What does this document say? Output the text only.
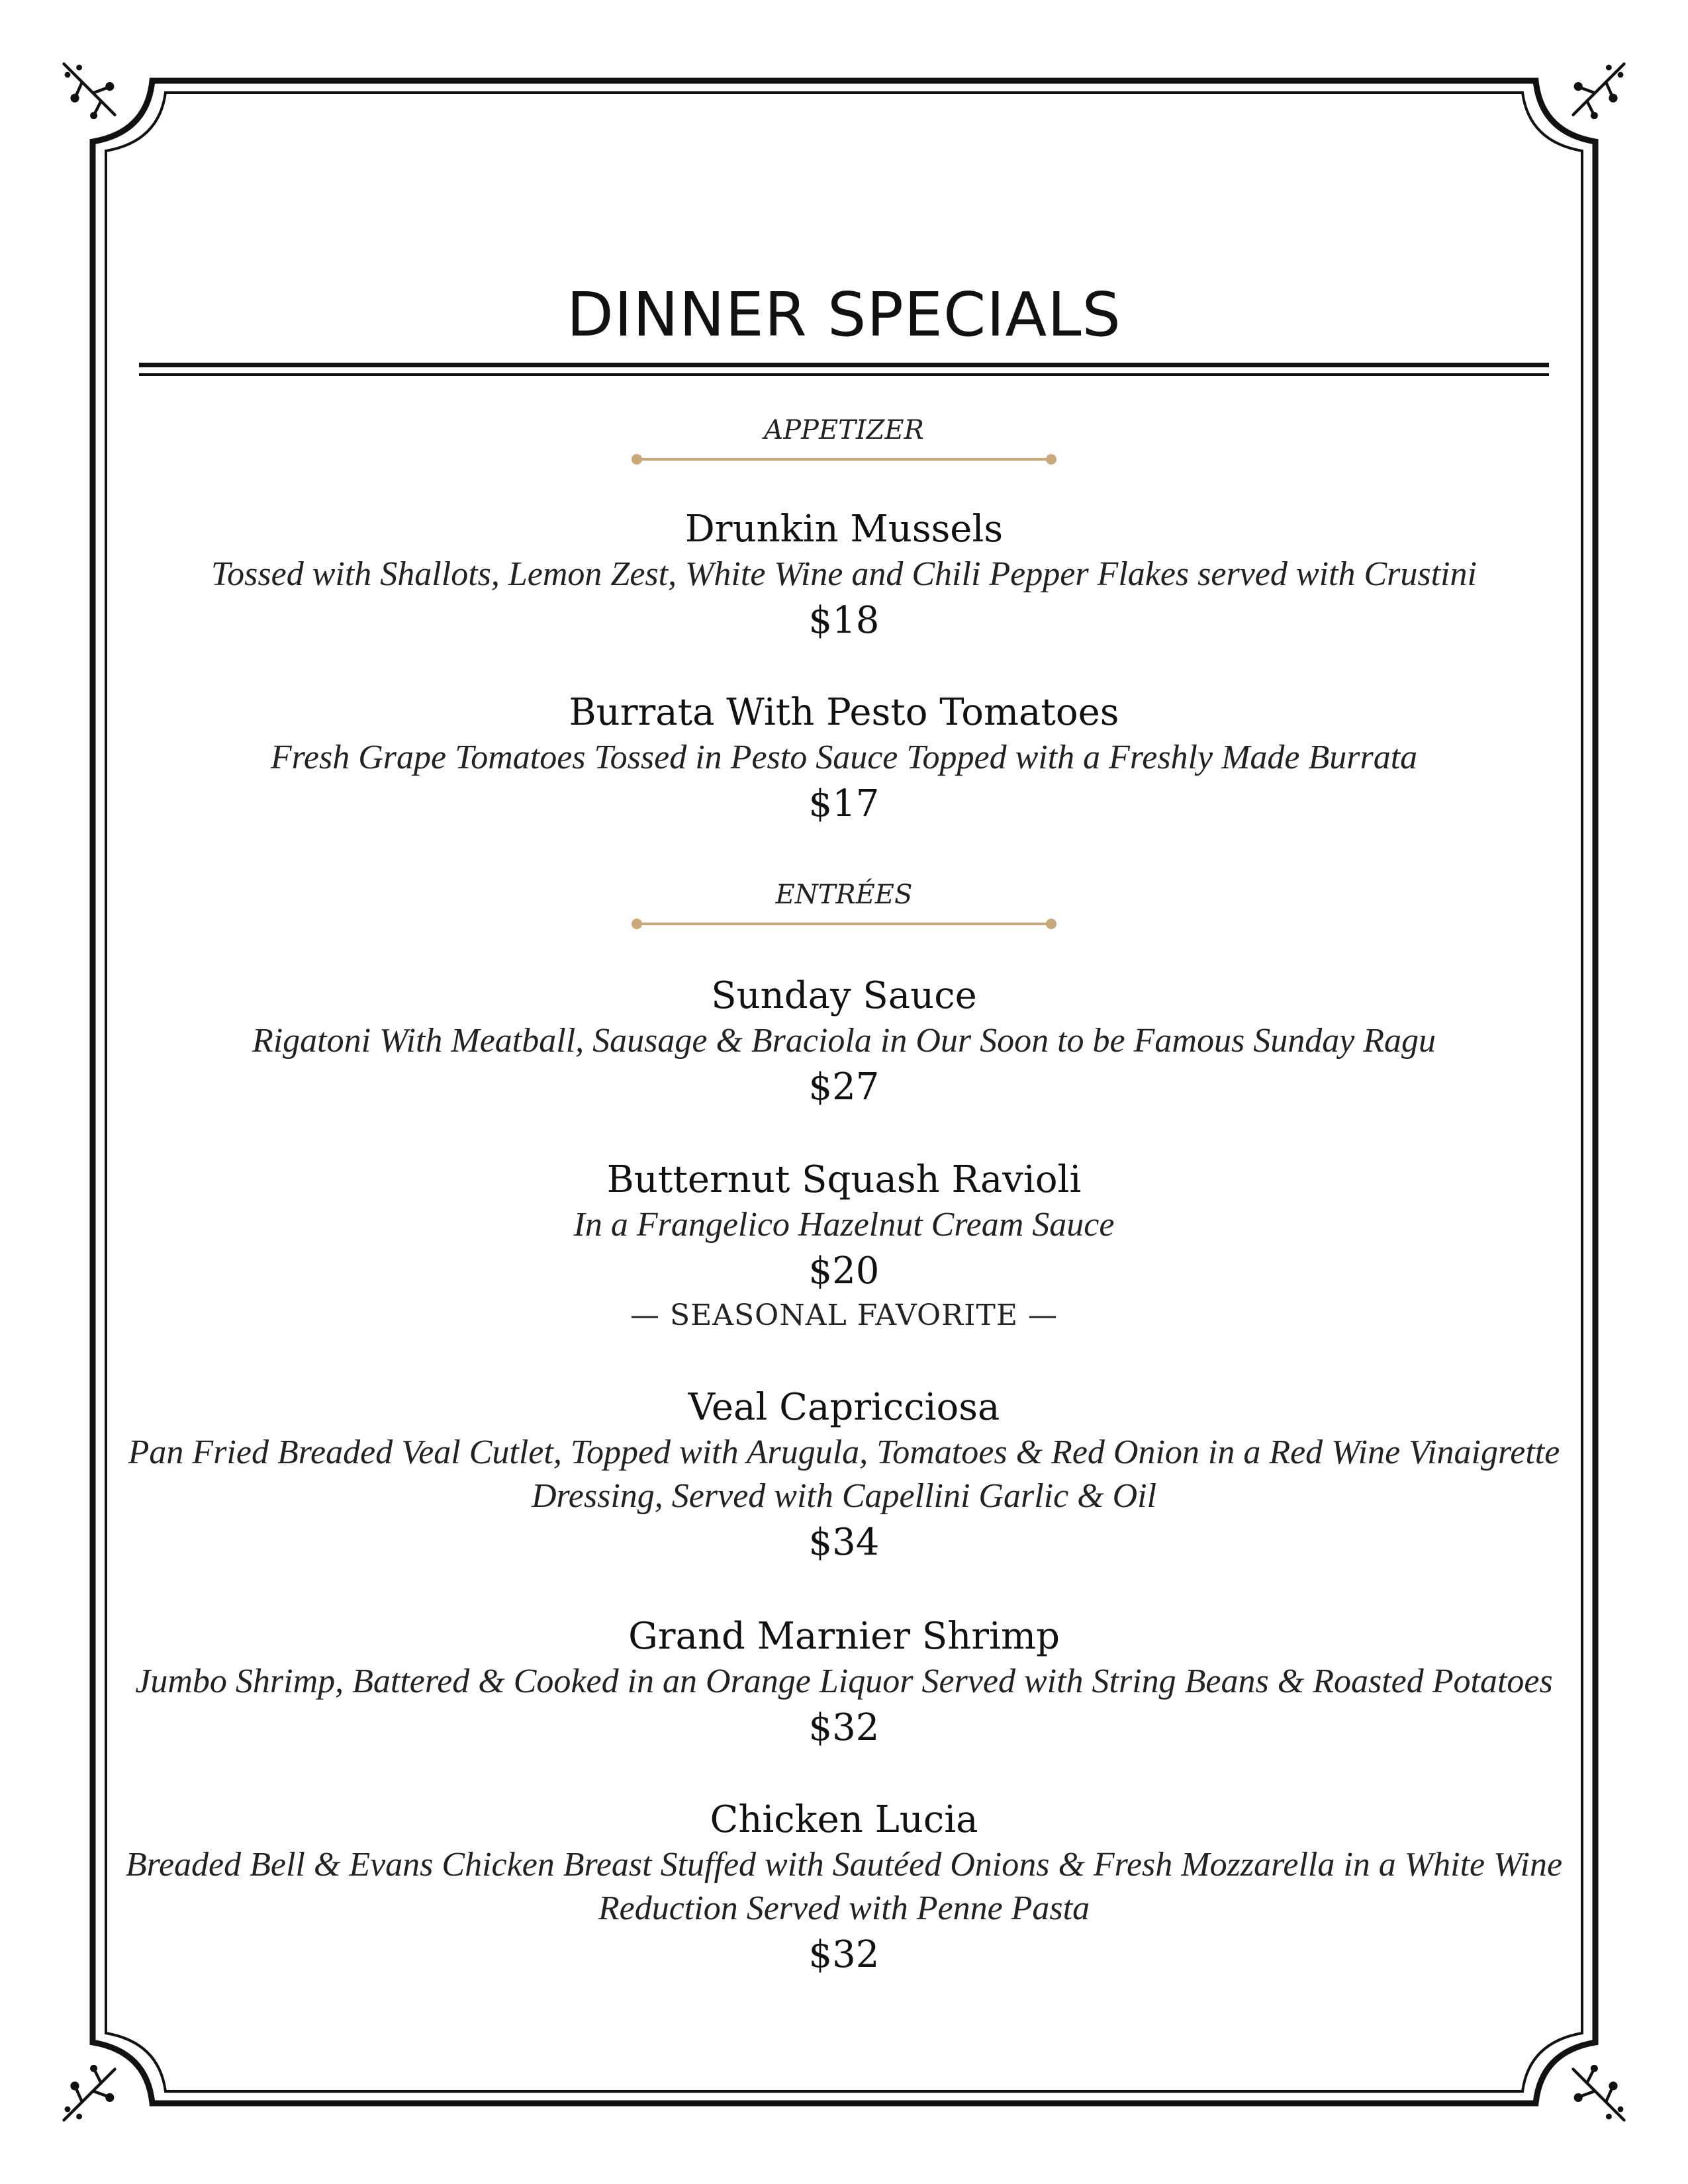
DINNER SPECIALS
APPETIZER
Drunkin Mussels
Tossed with Shallots, Lemon Zest, White Wine and Chili Pepper Flakes served with Crustini
$18
Burrata With Pesto Tomatoes
Fresh Grape Tomatoes Tossed in Pesto Sauce Topped with a Freshly Made Burrata
$17
ENTRÉES
Sunday Sauce
Rigatoni With Meatball, Sausage & Braciola in Our Soon to be Famous Sunday Ragu
$27
Butternut Squash Ravioli
In a Frangelico Hazelnut Cream Sauce
$20
— SEASONAL FAVORITE —
Veal Capricciosa
Pan Fried Breaded Veal Cutlet, Topped with Arugula, Tomatoes & Red Onion in a Red Wine Vinaigrette Dressing, Served with Capellini Garlic & Oil
$34
Grand Marnier Shrimp
Jumbo Shrimp, Battered & Cooked in an Orange Liquor Served with String Beans & Roasted Potatoes
$32
Chicken Lucia
Breaded Bell & Evans Chicken Breast Stuffed with Sautéed Onions & Fresh Mozzarella in a White Wine Reduction Served with Penne Pasta
$32
